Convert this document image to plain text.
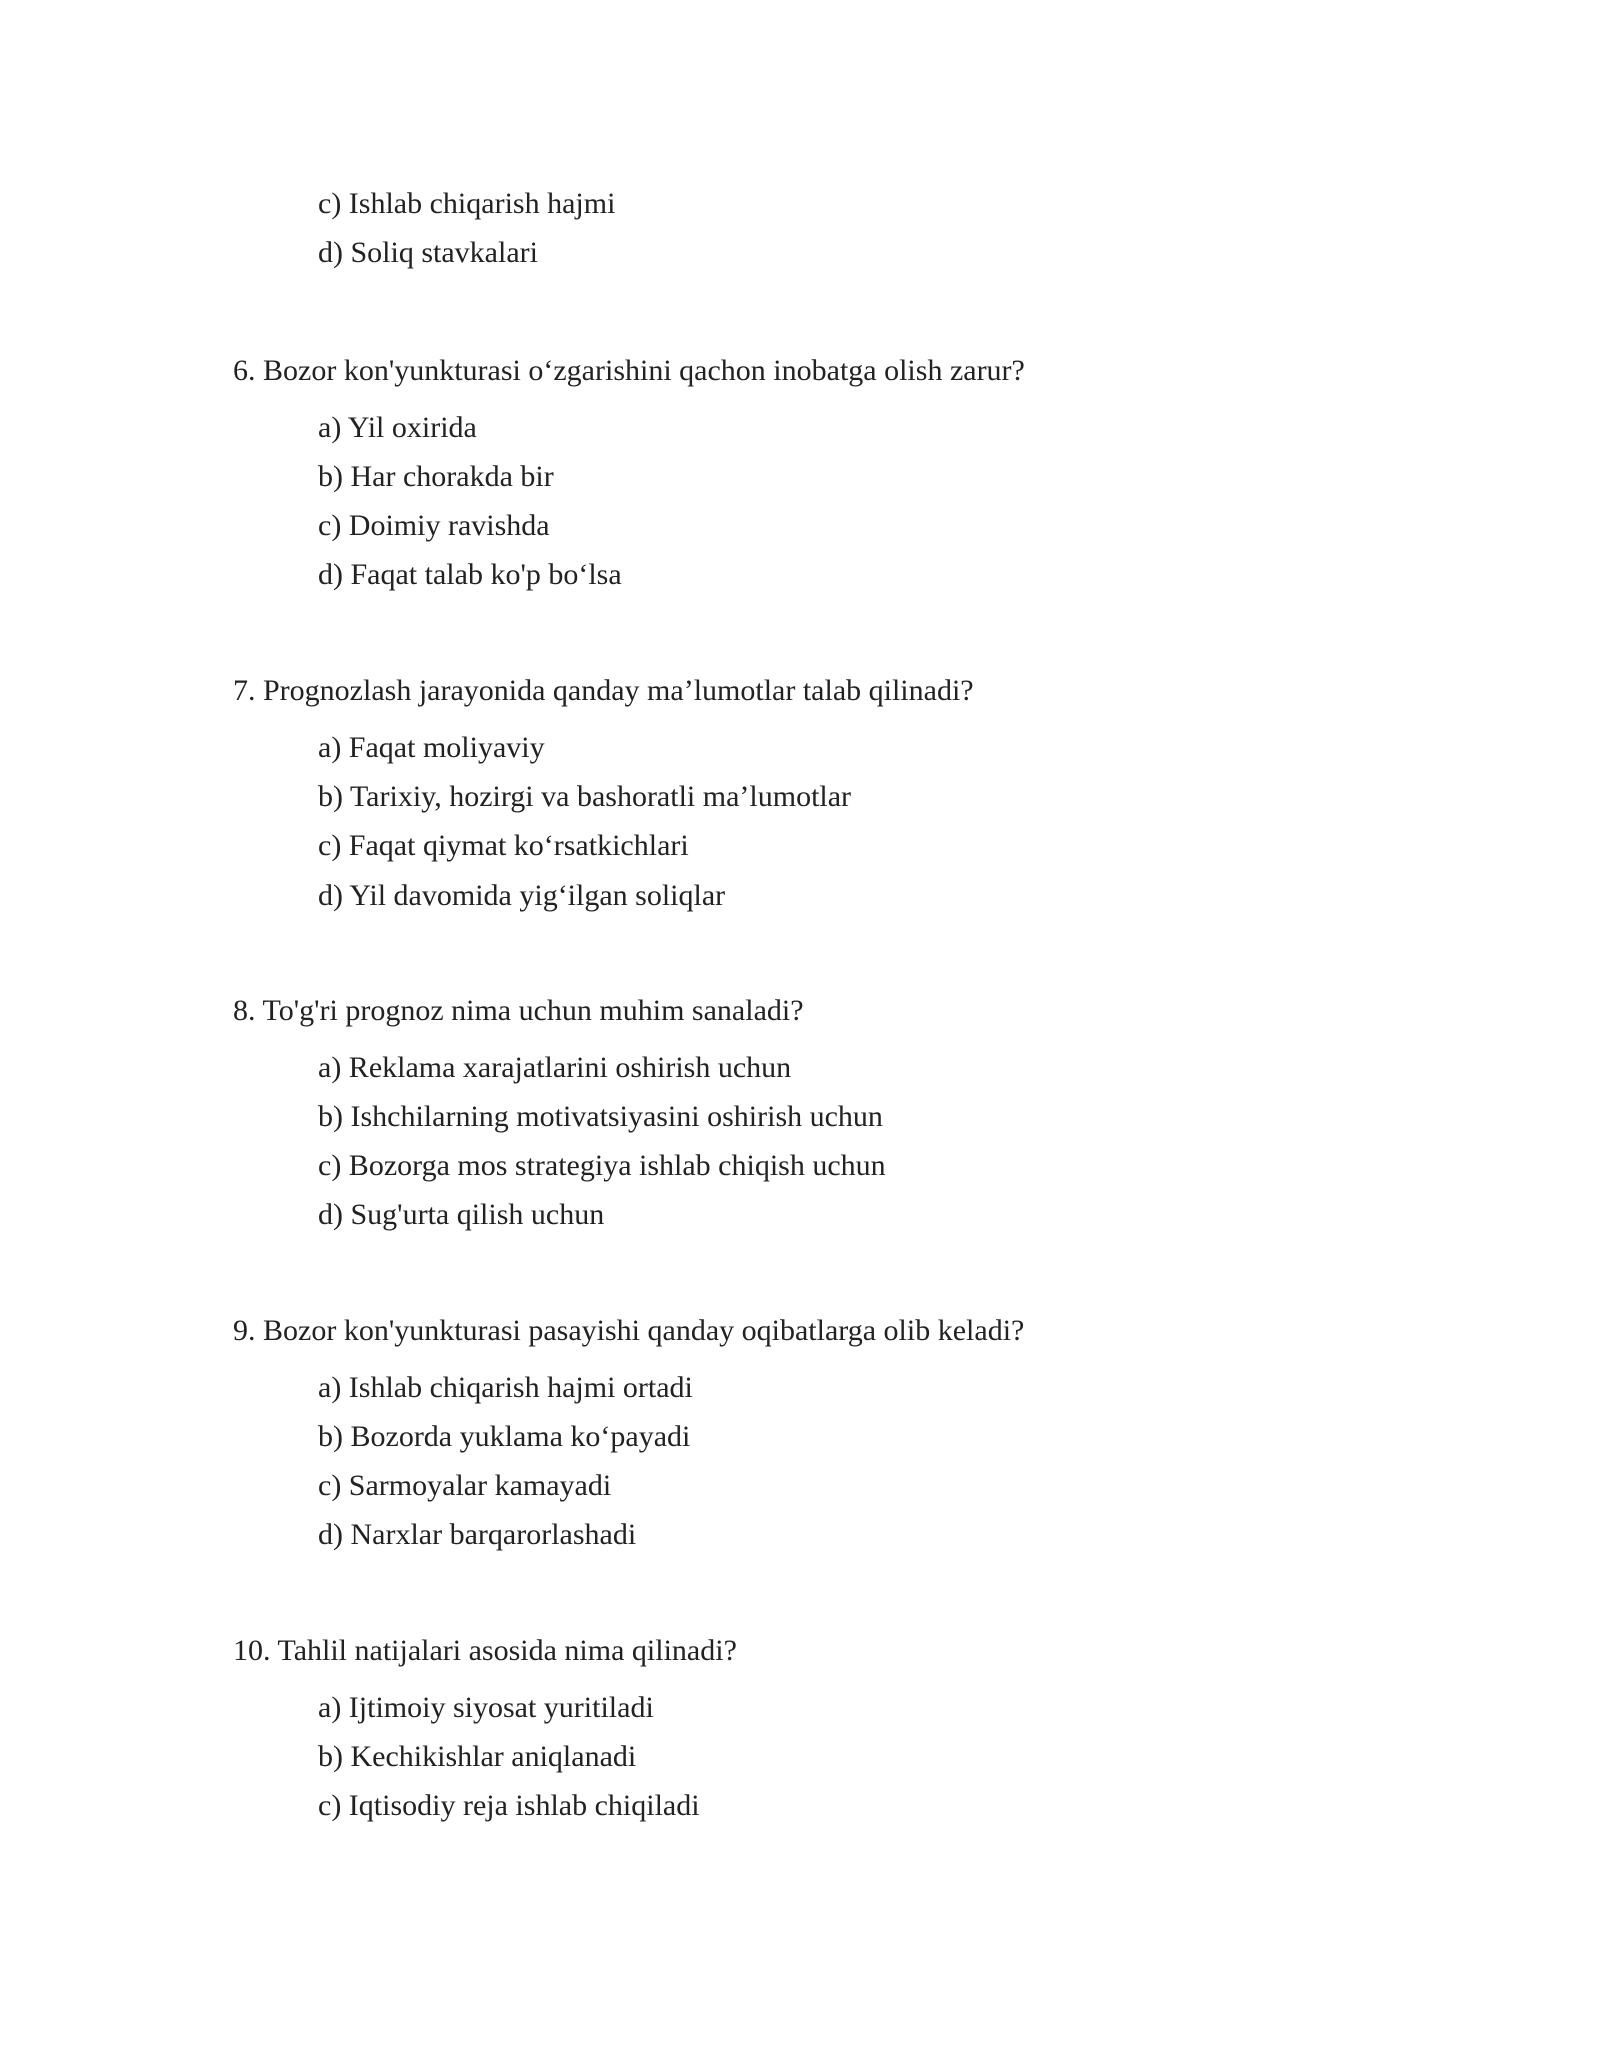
c) Ishlab chiqarish hajmi

d) Soliq stavkalari

6. Bozor kon'yunkturasi o‘zgarishini qachon inobatga olish zarur?

a) Yil oxirida

b) Har chorakda bir

c) Doimiy ravishda

d) Faqat talab ko'p bo‘lsa

7. Prognozlash jarayonida qanday ma’lumotlar talab qilinadi?

a) Faqat moliyaviy

b) Tarixiy, hozirgi va bashoratli ma’lumotlar

c) Faqat qiymat ko‘rsatkichlari

d) Yil davomida yig‘ilgan soliqlar

8. To'g'ri prognoz nima uchun muhim sanaladi?

a) Reklama xarajatlarini oshirish uchun

b) Ishchilarning motivatsiyasini oshirish uchun

c) Bozorga mos strategiya ishlab chiqish uchun

d) Sug'urta qilish uchun

9. Bozor kon'yunkturasi pasayishi qanday oqibatlarga olib keladi?

a) Ishlab chiqarish hajmi ortadi

b) Bozorda yuklama ko‘payadi

c) Sarmoyalar kamayadi

d) Narxlar barqarorlashadi

10. Tahlil natijalari asosida nima qilinadi?

a) Ijtimoiy siyosat yuritiladi

b) Kechikishlar aniqlanadi

c) Iqtisodiy reja ishlab chiqiladi
